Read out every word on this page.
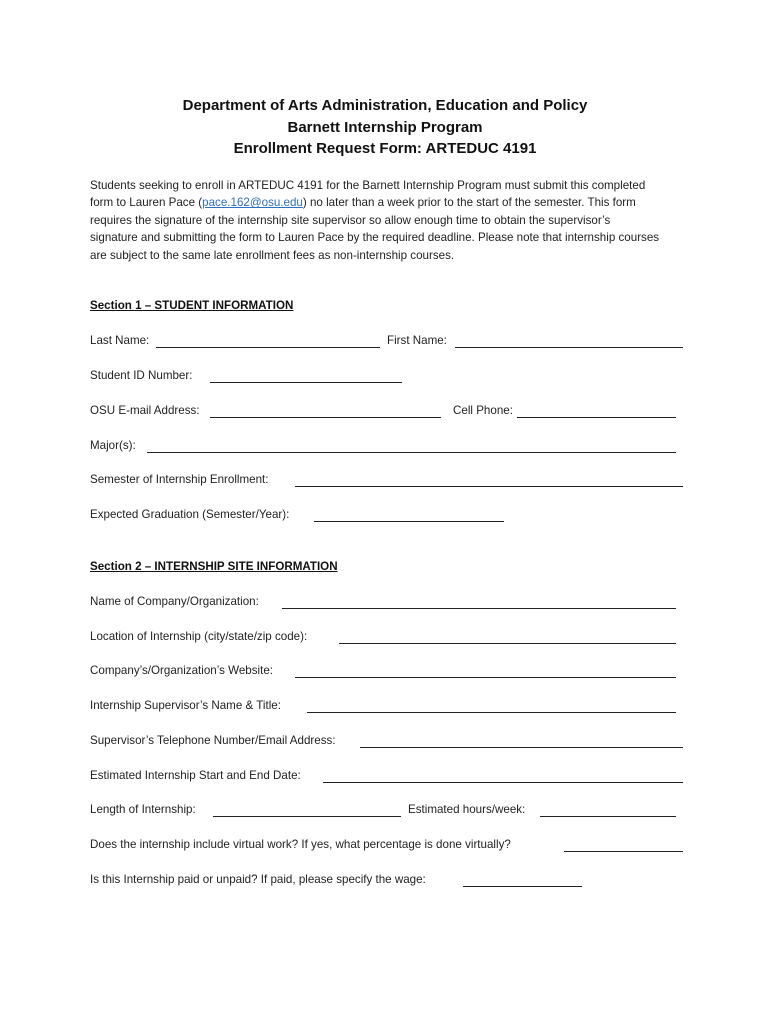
Department of Arts Administration, Education and Policy
Barnett Internship Program
Enrollment Request Form: ARTEDUC 4191
Students seeking to enroll in ARTEDUC 4191 for the Barnett Internship Program must submit this completed form to Lauren Pace (pace.162@osu.edu) no later than a week prior to the start of the semester. This form requires the signature of the internship site supervisor so allow enough time to obtain the supervisor’s signature and submitting the form to Lauren Pace by the required deadline. Please note that internship courses are subject to the same late enrollment fees as non-internship courses.
Section 1 – STUDENT INFORMATION
Last Name:	First Name:
Student ID Number:
OSU E-mail Address:	Cell Phone:
Major(s):
Semester of Internship Enrollment:
Expected Graduation (Semester/Year):
Section 2 – INTERNSHIP SITE INFORMATION
Name of Company/Organization:
Location of Internship (city/state/zip code):
Company’s/Organization’s Website:
Internship Supervisor’s Name & Title:
Supervisor’s Telephone Number/Email Address:
Estimated Internship Start and End Date:
Length of Internship:	Estimated hours/week:
Does the internship include virtual work? If yes, what percentage is done virtually?
Is this Internship paid or unpaid? If paid, please specify the wage:
